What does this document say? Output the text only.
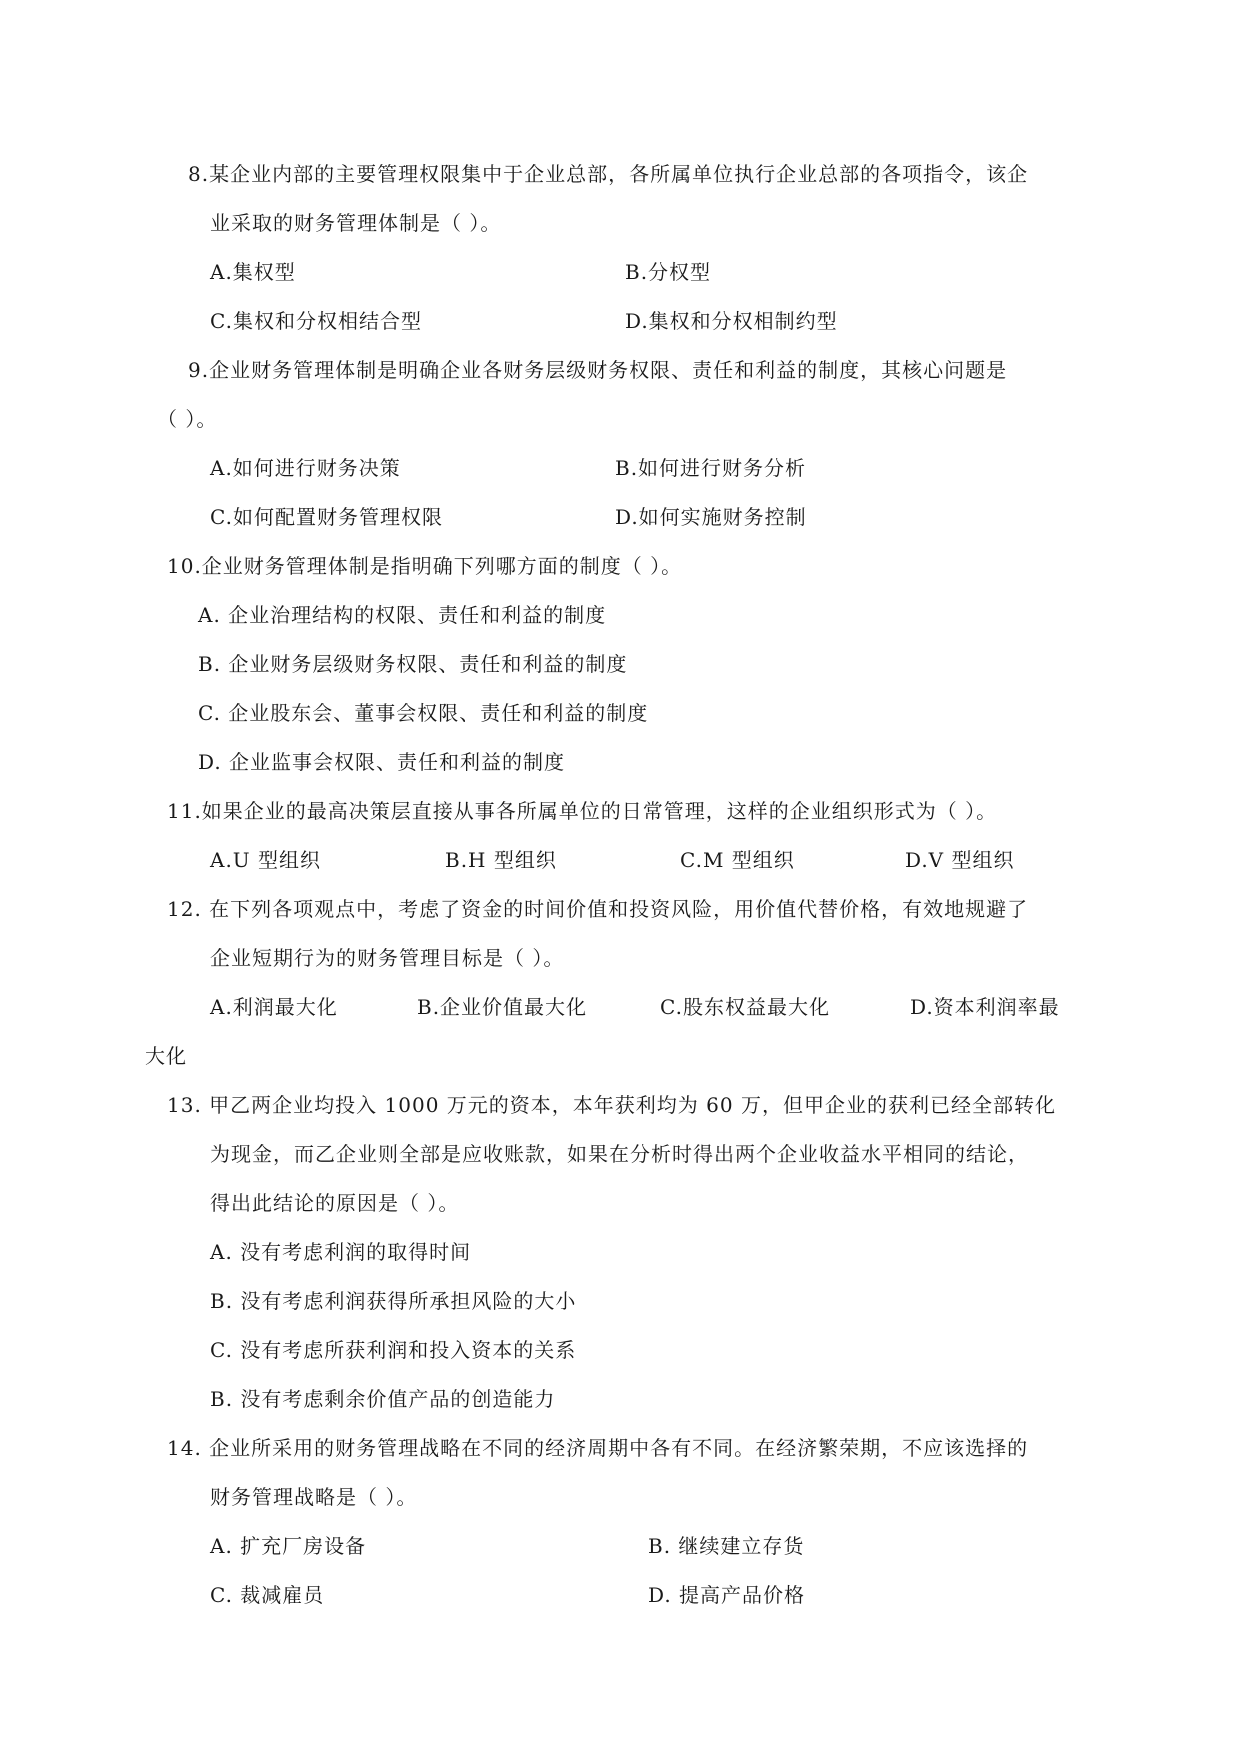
8.某企业内部的主要管理权限集中于企业总部，各所属单位执行企业总部的各项指令，该企
业采取的财务管理体制是（ ）。
A.集权型	B.分权型
C.集权和分权相结合型	D.集权和分权相制约型
9.企业财务管理体制是明确企业各财务层级财务权限、责任和利益的制度，其核心问题是
（ ）。
A.如何进行财务决策	B.如何进行财务分析
C.如何配置财务管理权限	D.如何实施财务控制
10.企业财务管理体制是指明确下列哪方面的制度（ ）。
A. 企业治理结构的权限、责任和利益的制度
B. 企业财务层级财务权限、责任和利益的制度
C. 企业股东会、董事会权限、责任和利益的制度
D. 企业监事会权限、责任和利益的制度
11.如果企业的最高决策层直接从事各所属单位的日常管理，这样的企业组织形式为（ ）。
A.U 型组织	B.H 型组织	C.M 型组织	D.V 型组织
12. 在下列各项观点中，考虑了资金的时间价值和投资风险，用价值代替价格，有效地规避了
企业短期行为的财务管理目标是（ ）。
A.利润最大化	B.企业价值最大化	C.股东权益最大化	D.资本利润率最
大化
13. 甲乙两企业均投入 1000 万元的资本，本年获利均为 60 万，但甲企业的获利已经全部转化
为现金，而乙企业则全部是应收账款，如果在分析时得出两个企业收益水平相同的结论，
得出此结论的原因是（ ）。
A. 没有考虑利润的取得时间
B. 没有考虑利润获得所承担风险的大小
C. 没有考虑所获利润和投入资本的关系
B. 没有考虑剩余价值产品的创造能力
14. 企业所采用的财务管理战略在不同的经济周期中各有不同。在经济繁荣期，不应该选择的
财务管理战略是（ ）。
A. 扩充厂房设备	B. 继续建立存货
C. 裁减雇员	D. 提高产品价格
